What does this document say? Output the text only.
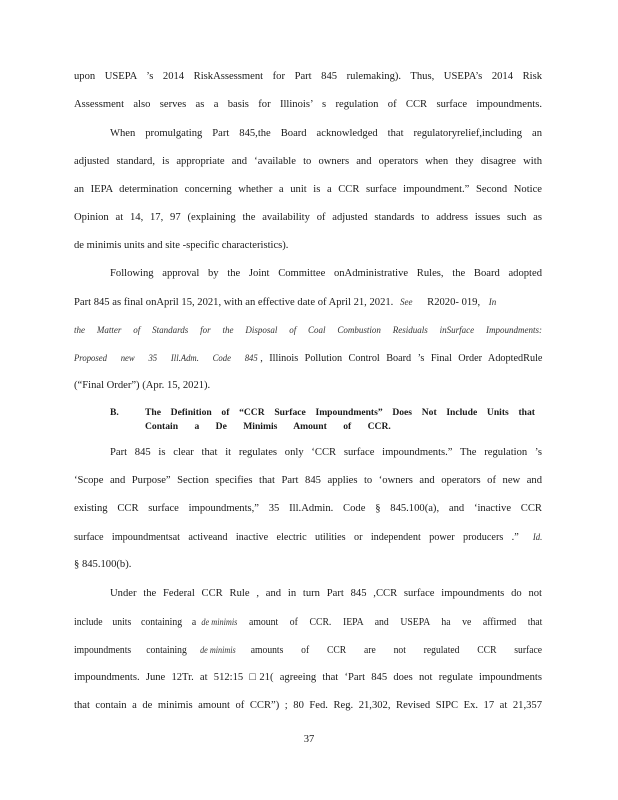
upon USEPA ’s 2014 RiskAssessment for Part 845 rulemaking). Thus, USEPA’s 2014 Risk
Assessment also serves as a basis for Illinois’ s regulation of CCR surface impoundments.
When promulgating Part 845,the Board acknowledged that regulatoryrelief,including an
adjusted standard, is appropriate and ‘available to owners and operators when they disagree with
an IEPA determination concerning whether a unit is a CCR surface impoundment.” Second Notice
Opinion at 14, 17, 97 (explaining the availability of adjusted standards to address issues such as
de minimis units and site -specific characteristics).
Following approval by the Joint Committee onAdministrative Rules, the Board adopted
Part 845 as final onApril 15, 2021, with an effective date of April 21, 2021. See R2020- 019, In
the Matter of Standards for the Disposal of Coal Combustion Residuals inSurface Impoundments:
Proposed new 35 Ill.Adm. Code 845 , Illinois Pollution Control Board ’s Final Order AdoptedRule
(“Final Order”) (Apr. 15, 2021).
B.	The Definition of “CCR Surface Impoundments” Does Not Include Units that
Contain a De Minimis Amount of CCR.
Part 845 is clear that it regulates only ‘CCR surface impoundments.” The regulation ’s
‘Scope and Purpose” Section specifies that Part 845 applies to ‘owners and operators of new and
existing CCR surface impoundments,” 35 Ill.Admin. Code § 845.100(a), and ‘inactive CCR
surface impoundmentsat activeand inactive electric utilities or independent power producers .” Id.
§ 845.100(b).
Under the Federal CCR Rule , and in turn Part 845 ,CCR surface impoundments do not
include units containing a de minimis amount of CCR. IEPA and USEPA ha ve affirmed that
impoundments containing de minimis amounts of CCR are not regulated CCR surface
impoundments. June 12Tr. at 512:15 □21( agreeing that ‘Part 845 does not regulate impoundments
that contain a de minimis amount of CCR”) ; 80 Fed. Reg. 21,302, Revised SIPC Ex. 17 at 21,357
37
